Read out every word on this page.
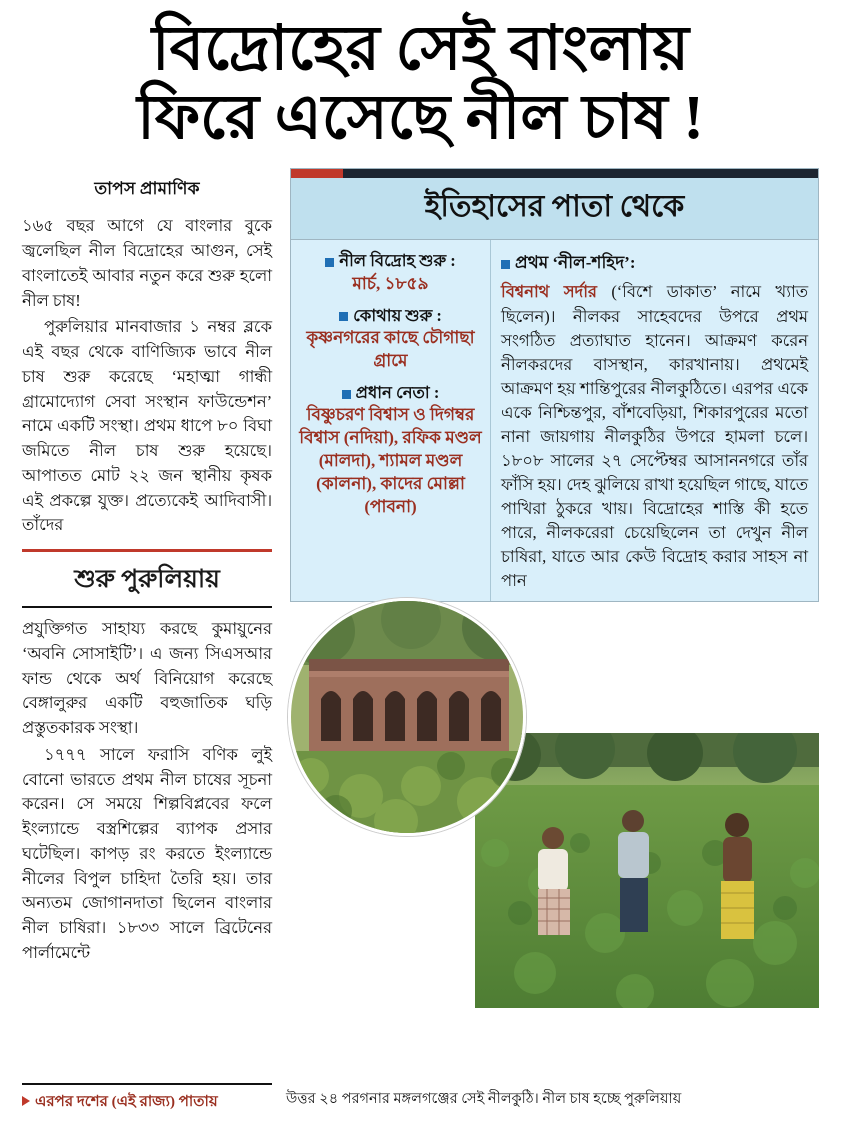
বিদ্রোহের সেই বাংলায়
ফিরে এসেছে নীল চাষ !
তাপস প্রামাণিক

১৬৫ বছর আগে যে বাংলার বুকে জ্বলেছিল নীল বিদ্রোহের আগুন, সেই বাংলাতেই আবার নতুন করে শুরু হলো নীল চাষ!

পুরুলিয়ার মানবাজার ১ নম্বর ব্লকে এই বছর থেকে বাণিজ্যিক ভাবে নীল চাষ শুরু করেছে ‘মহাত্মা গান্ধী গ্রামোদ্যোগ সেবা সংস্থান ফাউন্ডেশন’ নামে একটি সংস্থা। প্রথম ধাপে ৮০ বিঘা জমিতে নীল চাষ শুরু হয়েছে। আপাতত মোট ২২ জন স্থানীয় কৃষক এই প্রকল্পে যুক্ত। প্রত্যেকেই আদিবাসী। তাঁদের

শুরু পুরুলিয়ায়

প্রযুক্তিগত সাহায্য করছে কুমায়ুনের ‘অবনি সোসাইটি’। এ জন্য সিএসআর ফান্ড থেকে অর্থ বিনিয়োগ করেছে বেঙ্গালুরুর একটি বহুজাতিক ঘড়ি প্রস্তুতকারক সংস্থা।

১৭৭৭ সালে ফরাসি বণিক লুই বোনো ভারতে প্রথম নীল চাষের সূচনা করেন। সে সময়ে শিল্পবিপ্লবের ফলে ইংল্যান্ডে বস্ত্রশিল্পের ব্যাপক প্রসার ঘটেছিল। কাপড় রং করতে ইংল্যান্ডে নীলের বিপুল চাহিদা তৈরি হয়। তার অন্যতম জোগানদাতা ছিলেন বাংলার নীল চাষিরা। ১৮৩৩ সালে ব্রিটেনের পার্লামেন্টে

ইতিহাসের পাতা থেকে
নীল বিদ্রোহ শুরু :
মার্চ, ১৮৫৯
কোথায় শুরু :
কৃষ্ণনগরের কাছে চৌগাছা গ্রামে
প্রধান নেতা :
বিষ্ণুচরণ বিশ্বাস ও দিগম্বর বিশ্বাস (নদিয়া), রফিক মণ্ডল (মালদা), শ্যামল মণ্ডল (কালনা), কাদের মোল্লা (পাবনা)
প্রথম ‘নীল-শহিদ’:

বিশ্বনাথ সর্দার (‘বিশে ডাকাত’ নামে খ্যাত ছিলেন)। নীলকর সাহেবদের উপরে প্রথম সংগঠিত প্রত্যাঘাত হানেন। আক্রমণ করেন নীলকরদের বাসস্থান, কারখানায়। প্রথমেই আক্রমণ হয় শান্তিপুরের নীলকুঠিতে। এরপর একে একে নিশ্চিন্তপুর, বাঁশবেড়িয়া, শিকারপুরের মতো নানা জায়গায় নীলকুঠির উপরে হামলা চলে। ১৮০৮ সালের ২৭ সেপ্টেম্বর আসাননগরে তাঁর ফাঁসি হয়। দেহ ঝুলিয়ে রাখা হয়েছিল গাছে, যাতে পাখিরা ঠুকরে খায়। বিদ্রোহের শাস্তি কী হতে পারে, নীলকরেরা চেয়েছিলেন তা দেখুন নীল চাষিরা, যাতে আর কেউ বিদ্রোহ করার সাহস না পান

এরপর দশের (এই রাজ্য) পাতায়	উত্তর ২৪ পরগনার মঙ্গলগঞ্জের সেই নীলকুঠি। নীল চাষ হচ্ছে পুরুলিয়ায়
